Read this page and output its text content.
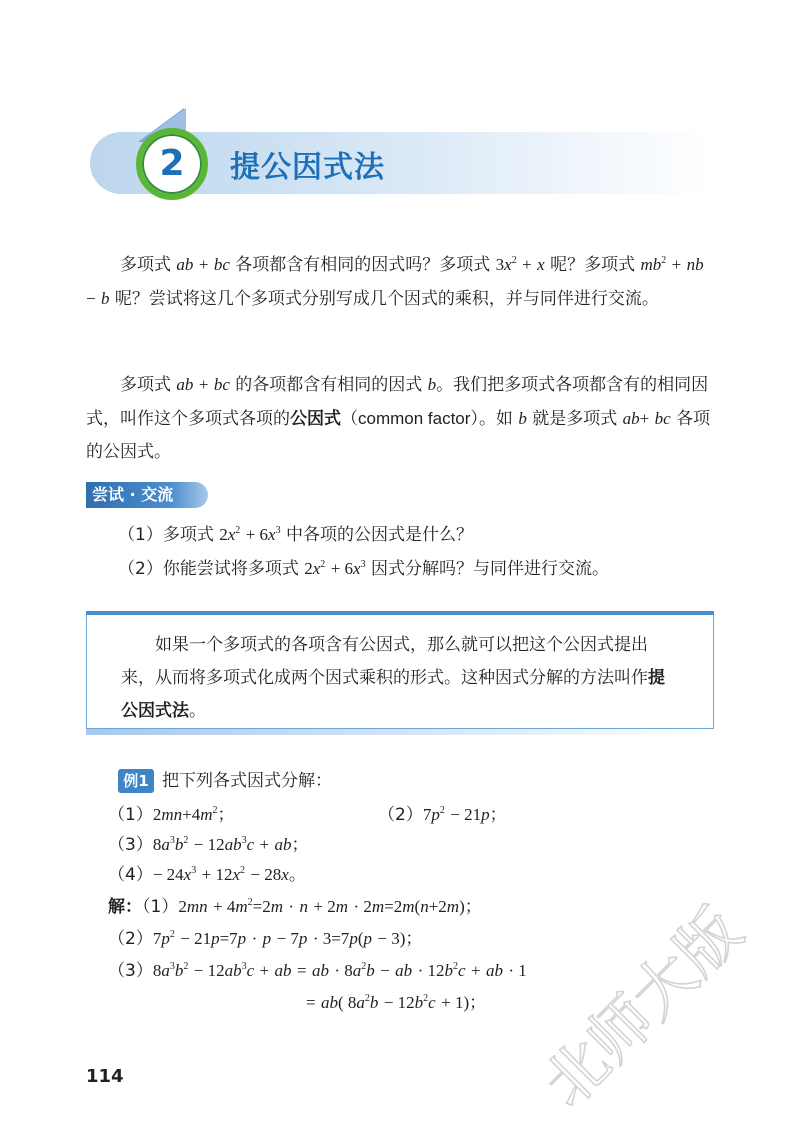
2	提公因式法
多项式 ab + bc 各项都含有相同的因式吗？多项式 $3x^2 + x$ 呢？多项式 $mb^2$ + nb − b 呢？尝试将这几个多项式分别写成几个因式的乘积，并与同伴进行交流。
多项式 ab + bc 的各项都含有相同的因式 b。我们把多项式各项都含有的相同因式，叫作这个多项式各项的公因式（common factor）。如 b 就是多项式 ab+ bc 各项的公因式。
尝试 · 交流
（1）多项式 $2x^2 + 6x^3$ 中各项的公因式是什么？
（2）你能尝试将多项式 $2x^2 + 6x^3$ 因式分解吗？与同伴进行交流。
如果一个多项式的各项含有公因式，那么就可以把这个公因式提出来，从而将多项式化成两个因式乘积的形式。这种因式分解的方法叫作提公因式法。
例1 把下列各式因式分解：
$(1)2mn+4m^2$；	$(2)7p^2 - 21p$；
$(3)8a^3b^2 - 12ab^3c$ + ab；
$(4)- 24x^3 + 12x^2 - 28x$。
解：$(1)2mn + 4m^2=2m \cdot n + 2m \cdot 2m=2m(n+2m)$；
$(2)7p^2 - 21p=7p \cdot p - 7p \cdot 3=7p(p - 3)$；
$(3)8a^3b^2 - 12ab^3c$ + ab = ab · $8a^2b$ − ab · $12b^2c$ + ab · 1
= ab( $8a^2b - 12b^2c + 1$)；
114	北师大版
